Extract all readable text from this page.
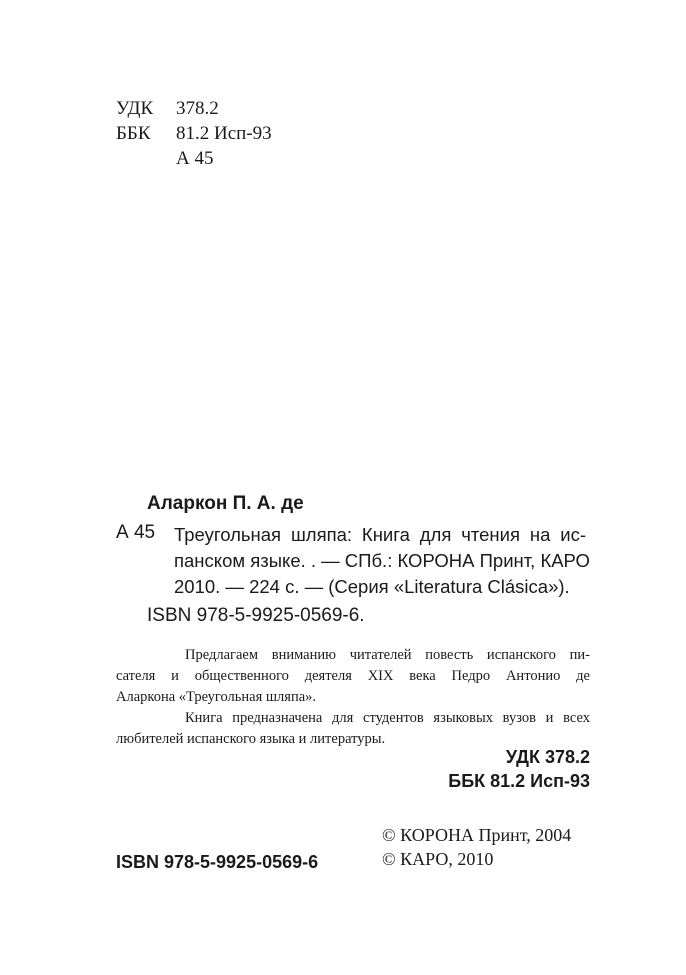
УДК 378.2
ББК 81.2 Исп-93
А 45
Аларкон П. А. де
А 45 Треугольная шляпа: Книга для чтения на ис-
панском языке. . — СПб.: КОРОНА Принт, КАРО
2010. — 224 с. — (Серия «Literatura Clásica»).
ISBN 978-5-9925-0569-6.
Предлагаем вниманию читателей повесть испанского пи-
сателя и общественного деятеля XIX века Педро Антонио де
Аларкона «Треугольная шляпа».
Книга предназначена для студентов языковых вузов и всех
любителей испанского языка и литературы.
УДК 378.2
ББК 81.2 Исп-93
© КОРОНА Принт, 2004
© КАРО, 2010
ISBN 978-5-9925-0569-6
